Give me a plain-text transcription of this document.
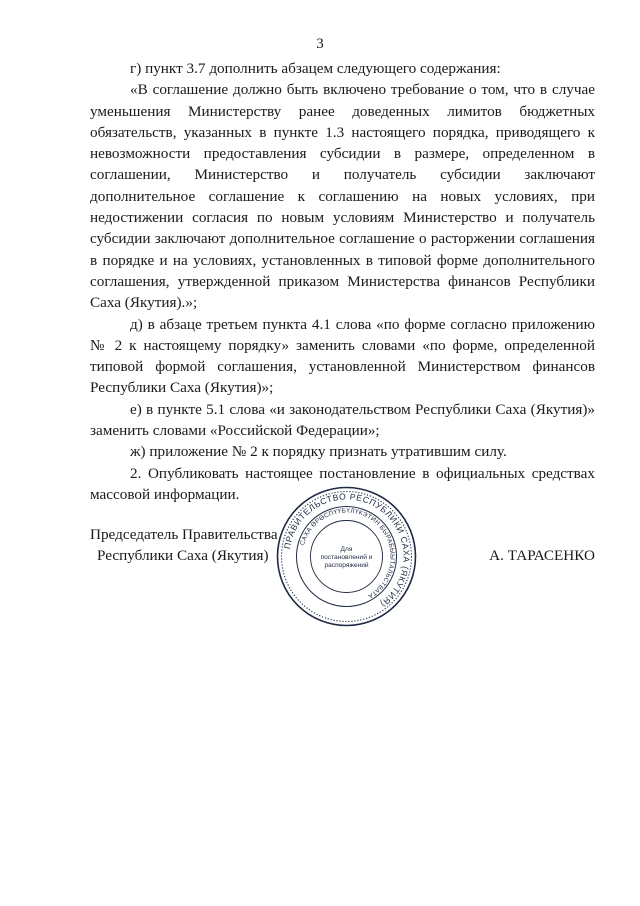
3

г) пункт 3.7 дополнить абзацем следующего содержания:

«В соглашение должно быть включено требование о том, что в случае уменьшения Министерству ранее доведенных лимитов бюджетных обязательств, указанных в пункте 1.3 настоящего порядка, приводящего к невозможности предоставления субсидии в размере, определенном в соглашении, Министерство и получатель субсидии заключают дополнительное соглашение к соглашению на новых условиях, при недостижении согласия по новым условиям Министерство и получатель субсидии заключают дополнительное соглашение о расторжении соглашения в порядке и на условиях, установленных в типовой форме дополнительного соглашения, утвержденной приказом Министерства финансов Республики Саха (Якутия).»;

д) в абзаце третьем пункта 4.1 слова «по форме согласно приложению № 2 к настоящему порядку» заменить словами «по форме, определенной типовой формой соглашения, установленной Министерством финансов Республики Саха (Якутия)»;

е) в пункте 5.1 слова «и законодательством Республики Саха (Якутия)» заменить словами «Российской Федерации»;

ж) приложение № 2 к порядку признать утратившим силу.

2. Опубликовать настоящее постановление в официальных средствах массовой информации.

Председатель Правительства
Республики Саха (Якутия)	А. ТАРАСЕНКО
ПРАВИТЕЛЬСТВО РЕСПУБЛИКИ САХА (ЯКУТИЯ)
САХА ӨРӨСПҮҮБҮЛҮКЭТИН БЫРАБЫЫТАЛЬСТВАТА
Для
постановлений и
распоряжений
